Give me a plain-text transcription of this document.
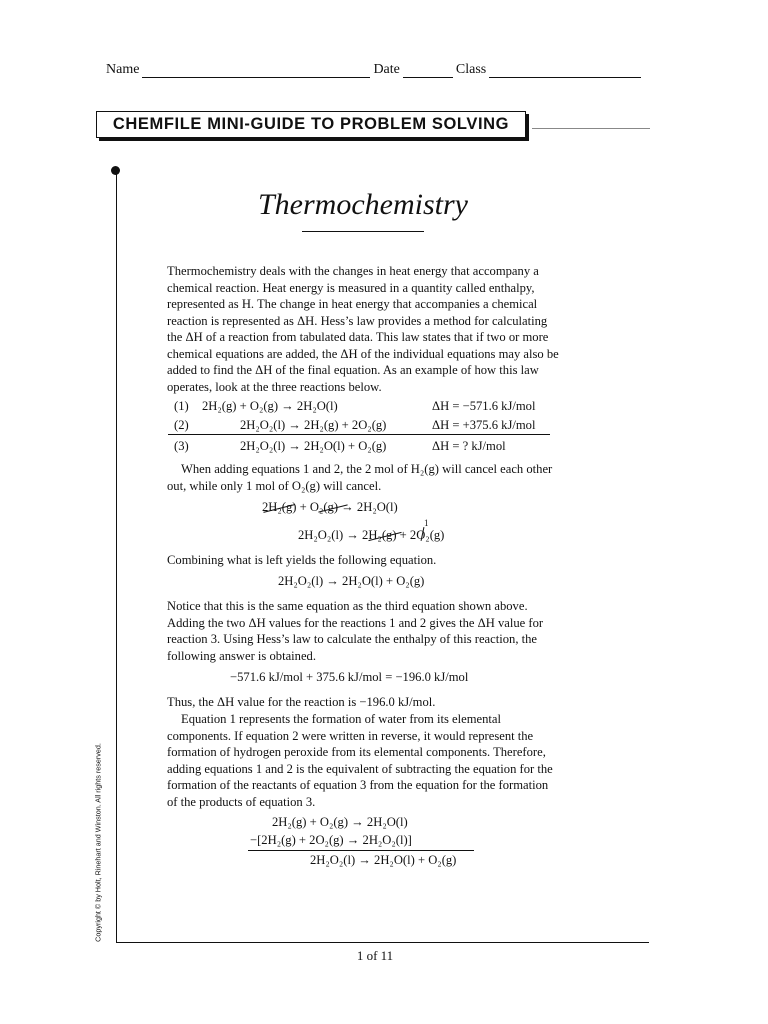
Name	Date	Class
CHEMFILE MINI-GUIDE TO PROBLEM SOLVING
Thermochemistry
Thermochemistry deals with the changes in heat energy that accompany a chemical reaction. Heat energy is measured in a quantity called enthalpy, represented as H. The change in heat energy that accompanies a chemical reaction is represented as ΔH. Hess’s law provides a method for calculating the ΔH of a reaction from tabulated data. This law states that if two or more chemical equations are added, the ΔH of the individual equations may also be added to find the ΔH of the final equation. As an example of how this law operates, look at the three reactions below.
(1) 2H₂(g) + O₂(g) → 2H₂O(l)	ΔH = −571.6 kJ/mol
(2)	2H₂O₂(l) → 2H₂(g) + 2O₂(g)	ΔH = +375.6 kJ/mol
(3)	2H₂O₂(l) → 2H₂O(l) + O₂(g)	ΔH = ? kJ/mol
When adding equations 1 and 2, the 2 mol of H₂(g) will cancel each other out, while only 1 mol of O₂(g) will cancel.
2H₂(g) + O₂(g) → 2H₂O(l)
1
2H₂O₂(l) → 2H₂(g) + 2O₂(g)
Combining what is left yields the following equation.
2H₂O₂(l) → 2H₂O(l) + O₂(g)
Notice that this is the same equation as the third equation shown above. Adding the two ΔH values for the reactions 1 and 2 gives the ΔH value for reaction 3. Using Hess’s law to calculate the enthalpy of this reaction, the following answer is obtained.
−571.6 kJ/mol + 375.6 kJ/mol = −196.0 kJ/mol
Thus, the ΔH value for the reaction is −196.0 kJ/mol.
Equation 1 represents the formation of water from its elemental components. If equation 2 were written in reverse, it would represent the formation of hydrogen peroxide from its elemental components. Therefore, adding equations 1 and 2 is the equivalent of subtracting the equation for the formation of the reactants of equation 3 from the equation for the formation of the products of equation 3.
2H₂(g) + O₂(g) → 2H₂O(l)
−[2H₂(g) + 2O₂(g) → 2H₂O₂(l)]
2H₂O₂(l) → 2H₂O(l) + O₂(g)
Copyright © by Holt, Rinehart and Winston. All rights reserved.
1 of 11
